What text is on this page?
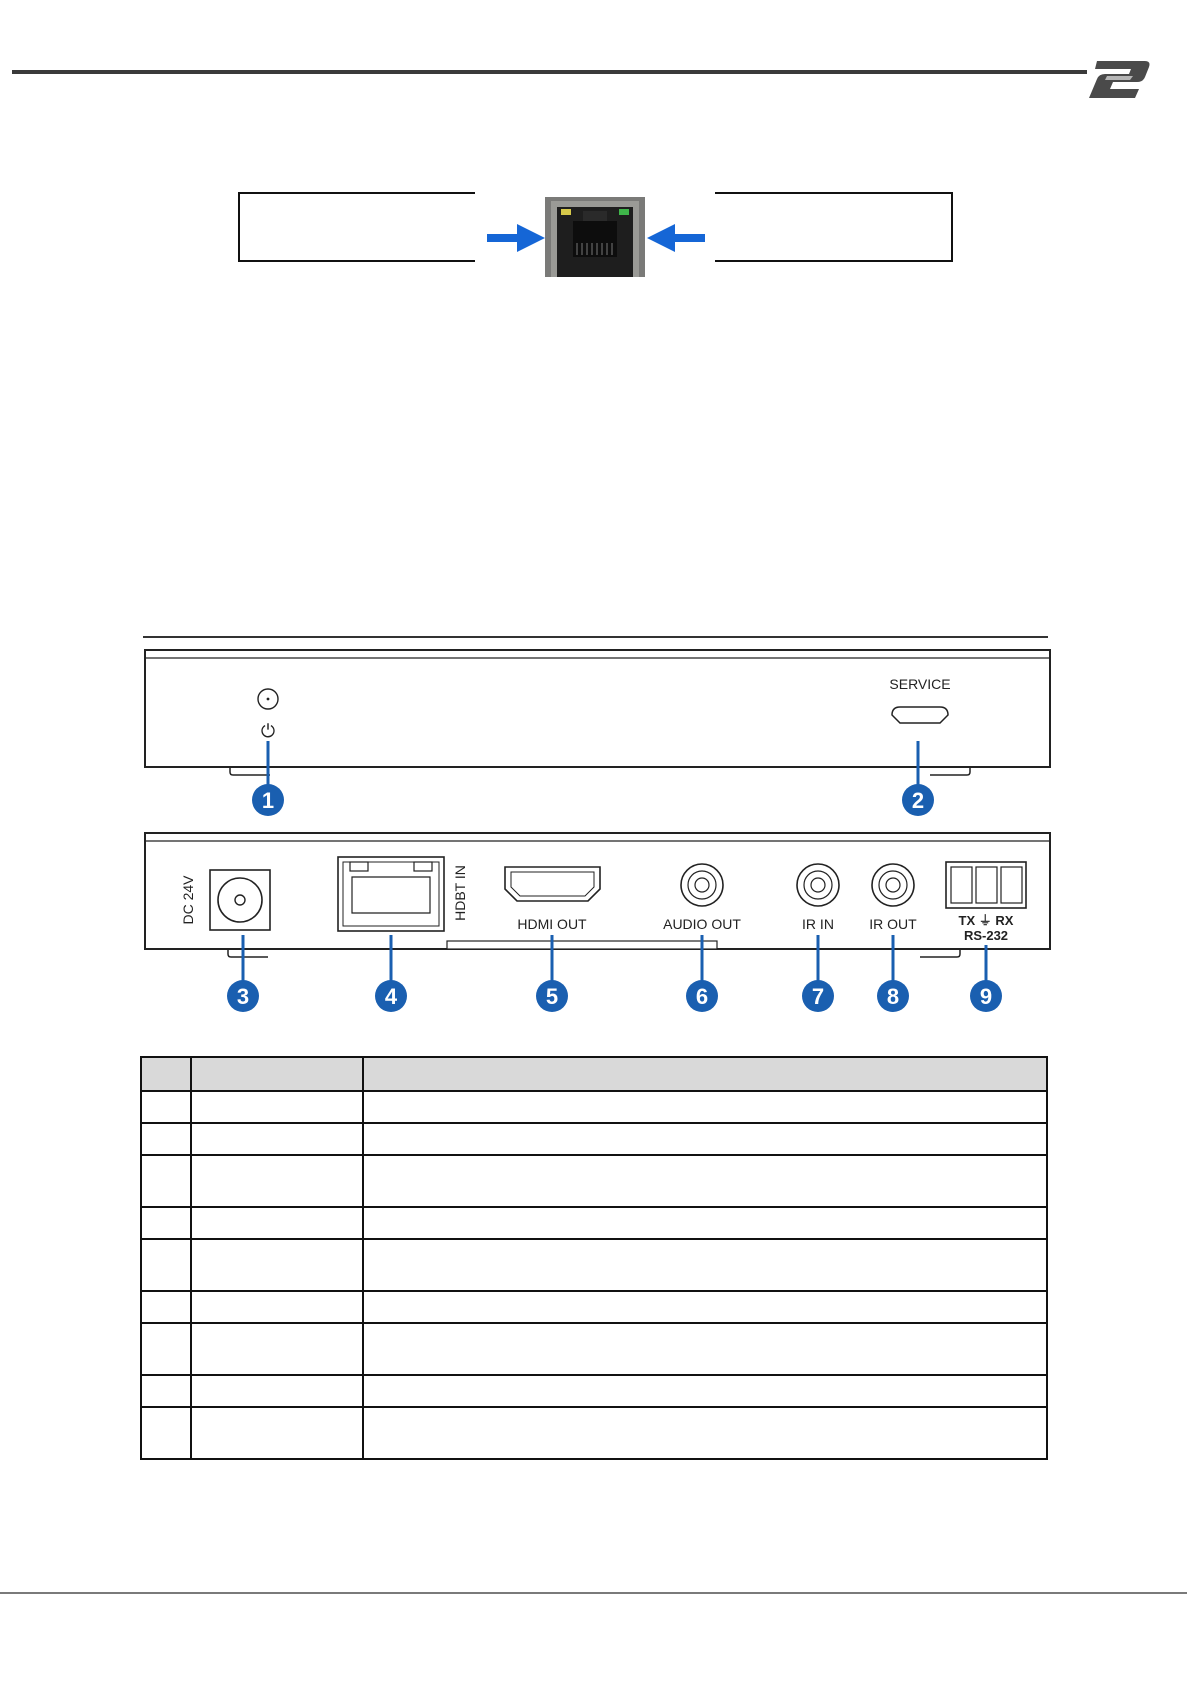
⏻
SERVICE
1	2
DC 24V	HDBT IN
HDMI OUT	AUDIO OUT	IR IN	IR OUT	TX ⏚ RX
RS-232
3	4	5	6	7	8	9
